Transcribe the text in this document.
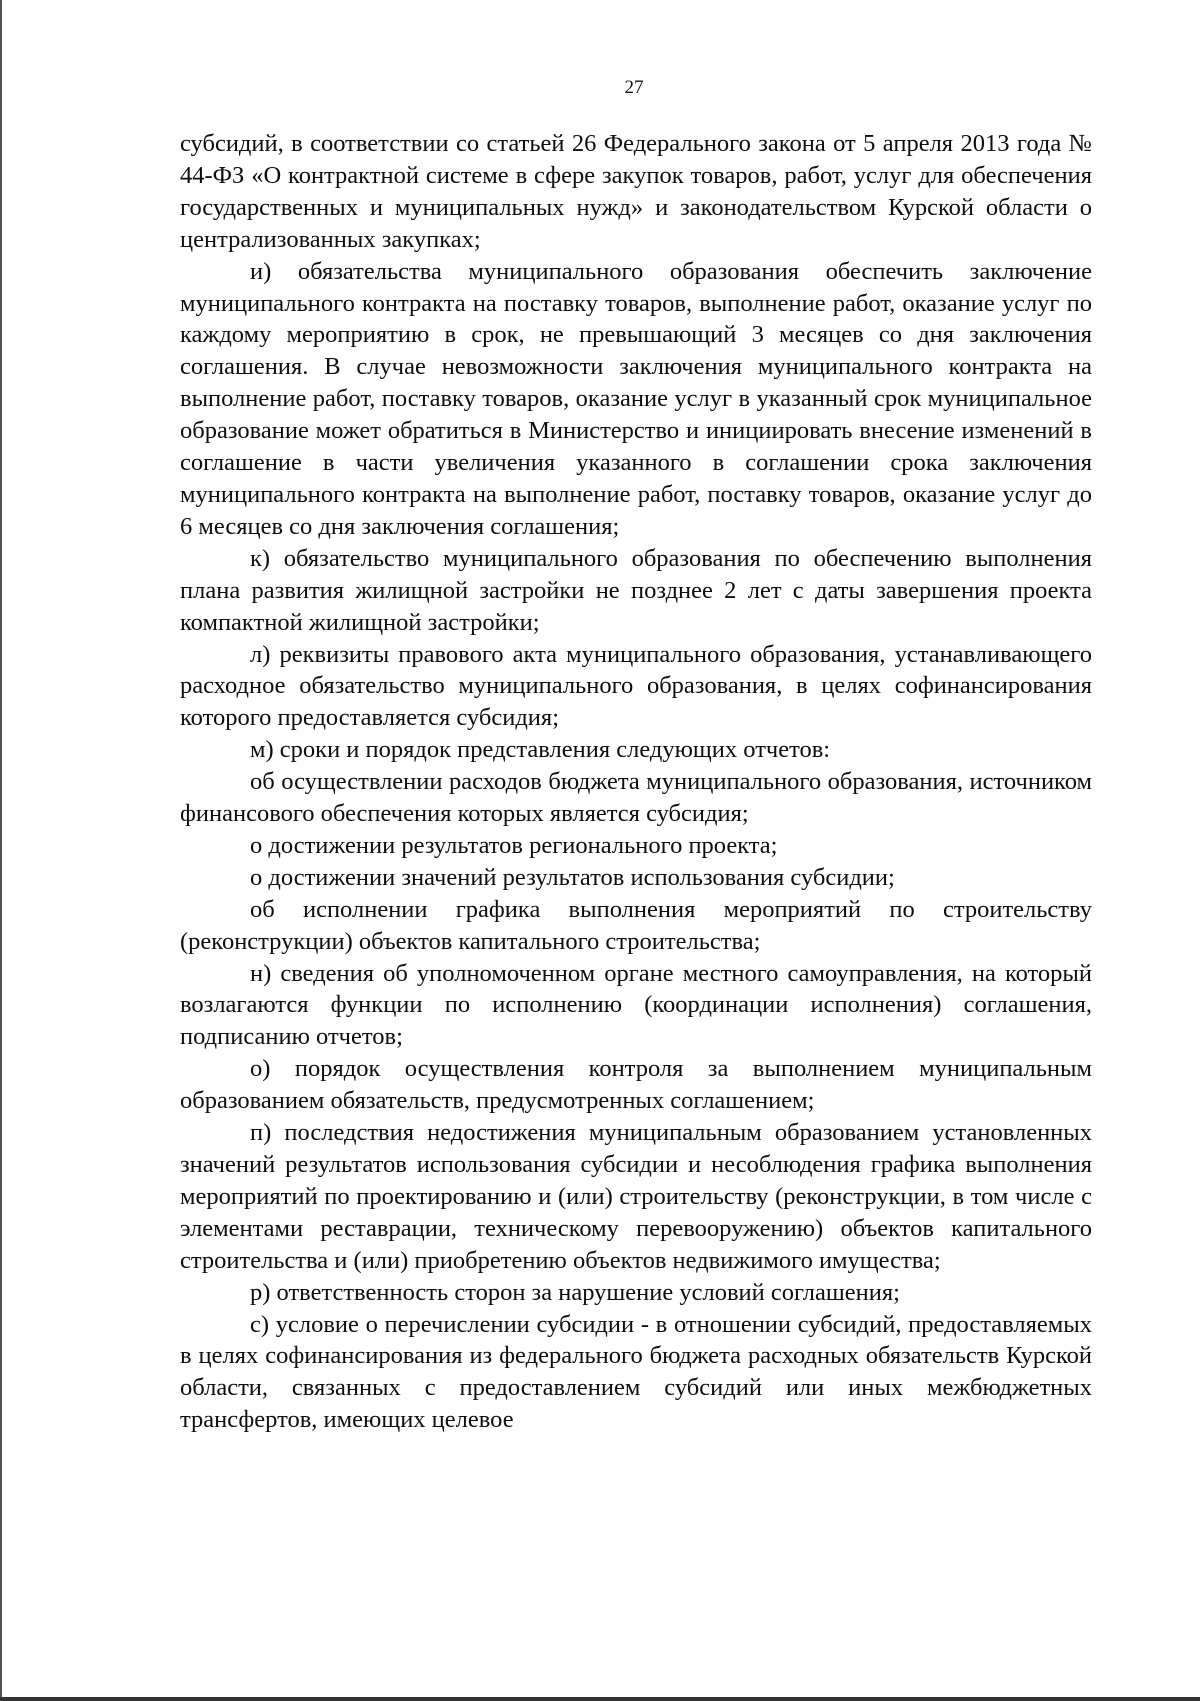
27

субсидий, в соответствии со статьей 26 Федерального закона от 5 апреля 2013 года № 44-ФЗ «О контрактной системе в сфере закупок товаров, работ, услуг для обеспечения государственных и муниципальных нужд» и законодательством Курской области о централизованных закупках;

и) обязательства муниципального образования обеспечить заключение муниципального контракта на поставку товаров, выполнение работ, оказание услуг по каждому мероприятию в срок, не превышающий 3 месяцев со дня заключения соглашения. В случае невозможности заключения муниципального контракта на выполнение работ, поставку товаров, оказание услуг в указанный срок муниципальное образование может обратиться в Министерство и инициировать внесение изменений в соглашение в части увеличения указанного в соглашении срока заключения муниципального контракта на выполнение работ, поставку товаров, оказание услуг до 6 месяцев со дня заключения соглашения;

к) обязательство муниципального образования по обеспечению выполнения плана развития жилищной застройки не позднее 2 лет с даты завершения проекта компактной жилищной застройки;

л) реквизиты правового акта муниципального образования, устанавливающего расходное обязательство муниципального образования, в целях софинансирования которого предоставляется субсидия;

м) сроки и порядок представления следующих отчетов:

об осуществлении расходов бюджета муниципального образования, источником финансового обеспечения которых является субсидия;

о достижении результатов регионального проекта;

о достижении значений результатов использования субсидии;

об исполнении графика выполнения мероприятий по строительству (реконструкции) объектов капитального строительства;

н) сведения об уполномоченном органе местного самоуправления, на который возлагаются функции по исполнению (координации исполнения) соглашения, подписанию отчетов;

о) порядок осуществления контроля за выполнением муниципальным образованием обязательств, предусмотренных соглашением;

п) последствия недостижения муниципальным образованием установленных значений результатов использования субсидии и несоблюдения графика выполнения мероприятий по проектированию и (или) строительству (реконструкции, в том числе с элементами реставрации, техническому перевооружению) объектов капитального строительства и (или) приобретению объектов недвижимого имущества;

р) ответственность сторон за нарушение условий соглашения;

с) условие о перечислении субсидии - в отношении субсидий, предоставляемых в целях софинансирования из федерального бюджета расходных обязательств Курской области, связанных с предоставлением субсидий или иных межбюджетных трансфертов, имеющих целевое
